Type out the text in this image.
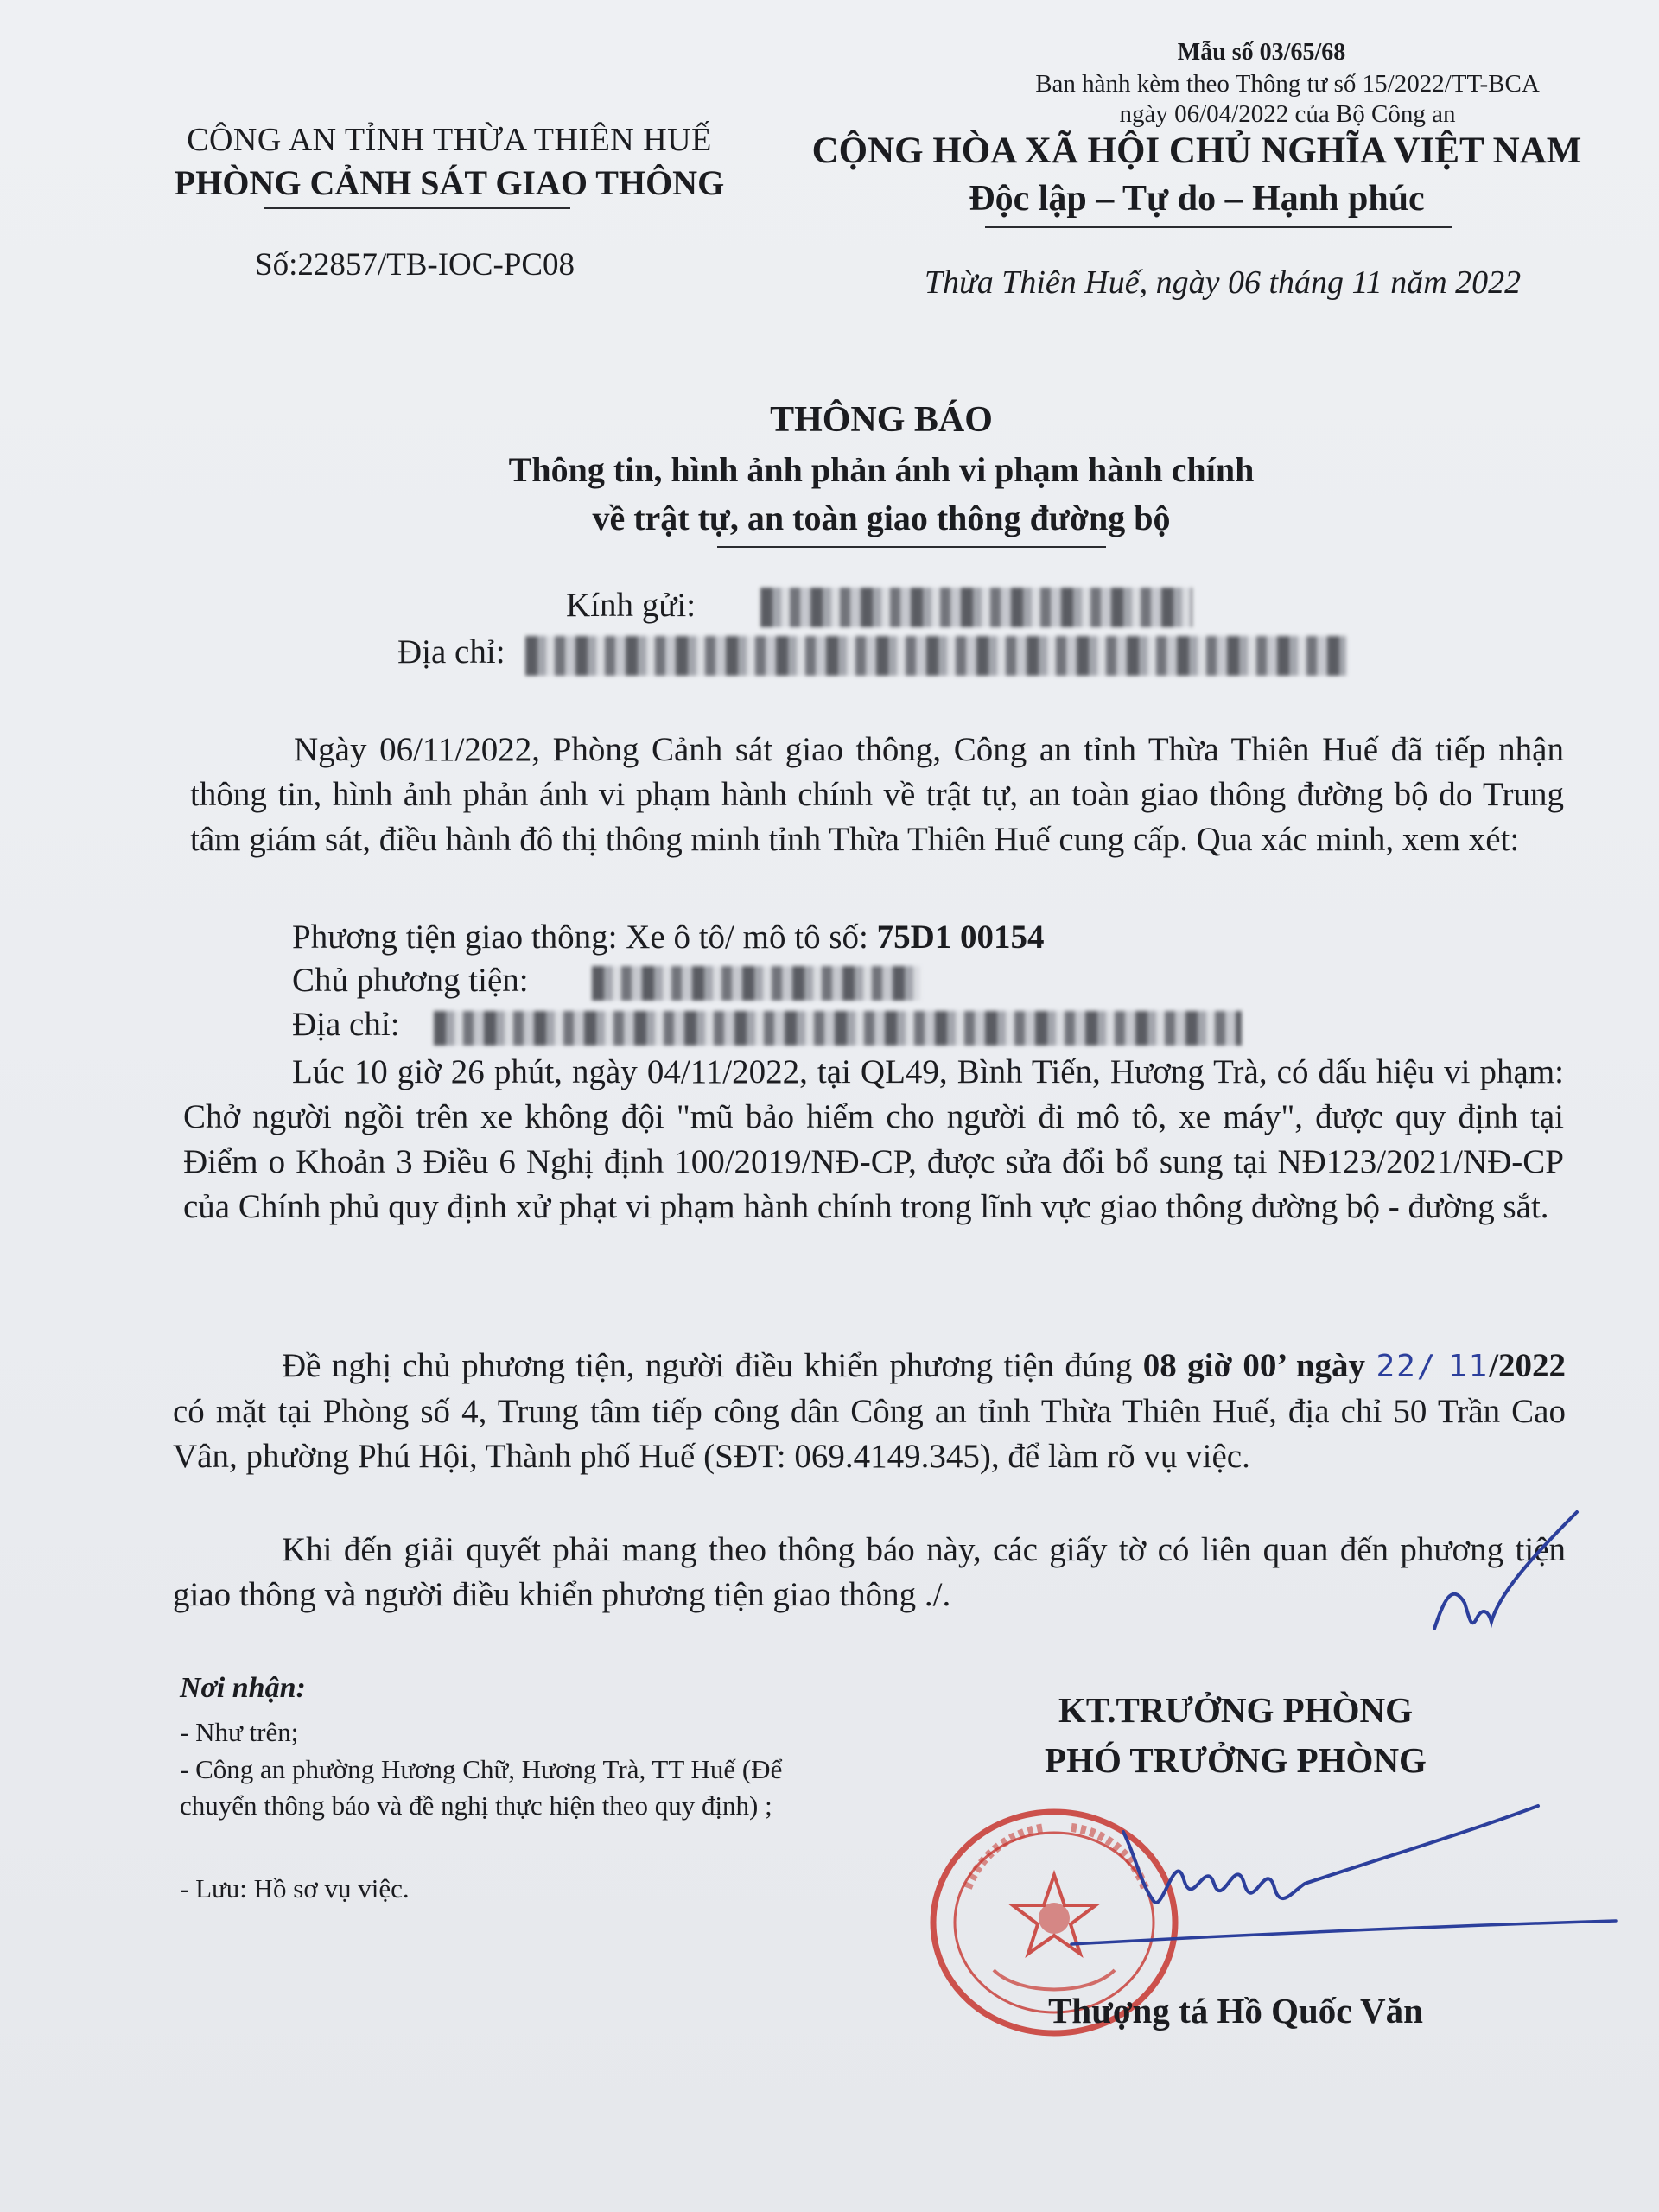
Mẫu số 03/65/68
Ban hành kèm theo Thông tư số 15/2022/TT-BCA
ngày 06/04/2022 của Bộ Công an
CÔNG AN TỈNH THỪA THIÊN HUẾ
PHÒNG CẢNH SÁT GIAO THÔNG
CỘNG HÒA XÃ HỘI CHỦ NGHĨA VIỆT NAM
Độc lập – Tự do – Hạnh phúc
Số:22857/TB-IOC-PC08	Thừa Thiên Huế, ngày 06 tháng 11 năm 2022
THÔNG BÁO
Thông tin, hình ảnh phản ánh vi phạm hành chính
về trật tự, an toàn giao thông đường bộ
Kính gửi:
Địa chỉ:
Ngày 06/11/2022, Phòng Cảnh sát giao thông, Công an tỉnh Thừa Thiên Huế đã tiếp nhận thông tin, hình ảnh phản ánh vi phạm hành chính về trật tự, an toàn giao thông đường bộ do Trung tâm giám sát, điều hành đô thị thông minh tỉnh Thừa Thiên Huế cung cấp. Qua xác minh, xem xét:
Phương tiện giao thông: Xe ô tô/ mô tô số: 75D1 00154
Chủ phương tiện:
Địa chỉ:
Lúc 10 giờ 26 phút, ngày 04/11/2022, tại QL49, Bình Tiến, Hương Trà, có dấu hiệu vi phạm: Chở người ngồi trên xe không đội "mũ bảo hiểm cho người đi mô tô, xe máy", được quy định tại Điểm o Khoản 3 Điều 6 Nghị định 100/2019/NĐ-CP, được sửa đổi bổ sung tại NĐ123/2021/NĐ-CP của Chính phủ quy định xử phạt vi phạm hành chính trong lĩnh vực giao thông đường bộ - đường sắt.
Đề nghị chủ phương tiện, người điều khiển phương tiện đúng 08 giờ 00’ ngày 22/ 11/2022 có mặt tại Phòng số 4, Trung tâm tiếp công dân Công an tỉnh Thừa Thiên Huế, địa chỉ 50 Trần Cao Vân, phường Phú Hội, Thành phố Huế (SĐT: 069.4149.345), để làm rõ vụ việc.
Khi đến giải quyết phải mang theo thông báo này, các giấy tờ có liên quan đến phương tiện giao thông và người điều khiển phương tiện giao thông ./.
Nơi nhận:
- Như trên;
- Công an phường Hương Chữ, Hương Trà, TT Huế (Để chuyển thông báo và đề nghị thực hiện theo quy định) ;
- Lưu: Hồ sơ vụ việc.
KT.TRƯỞNG PHÒNG
PHÓ TRƯỞNG PHÒNG
Thượng tá Hồ Quốc Văn
